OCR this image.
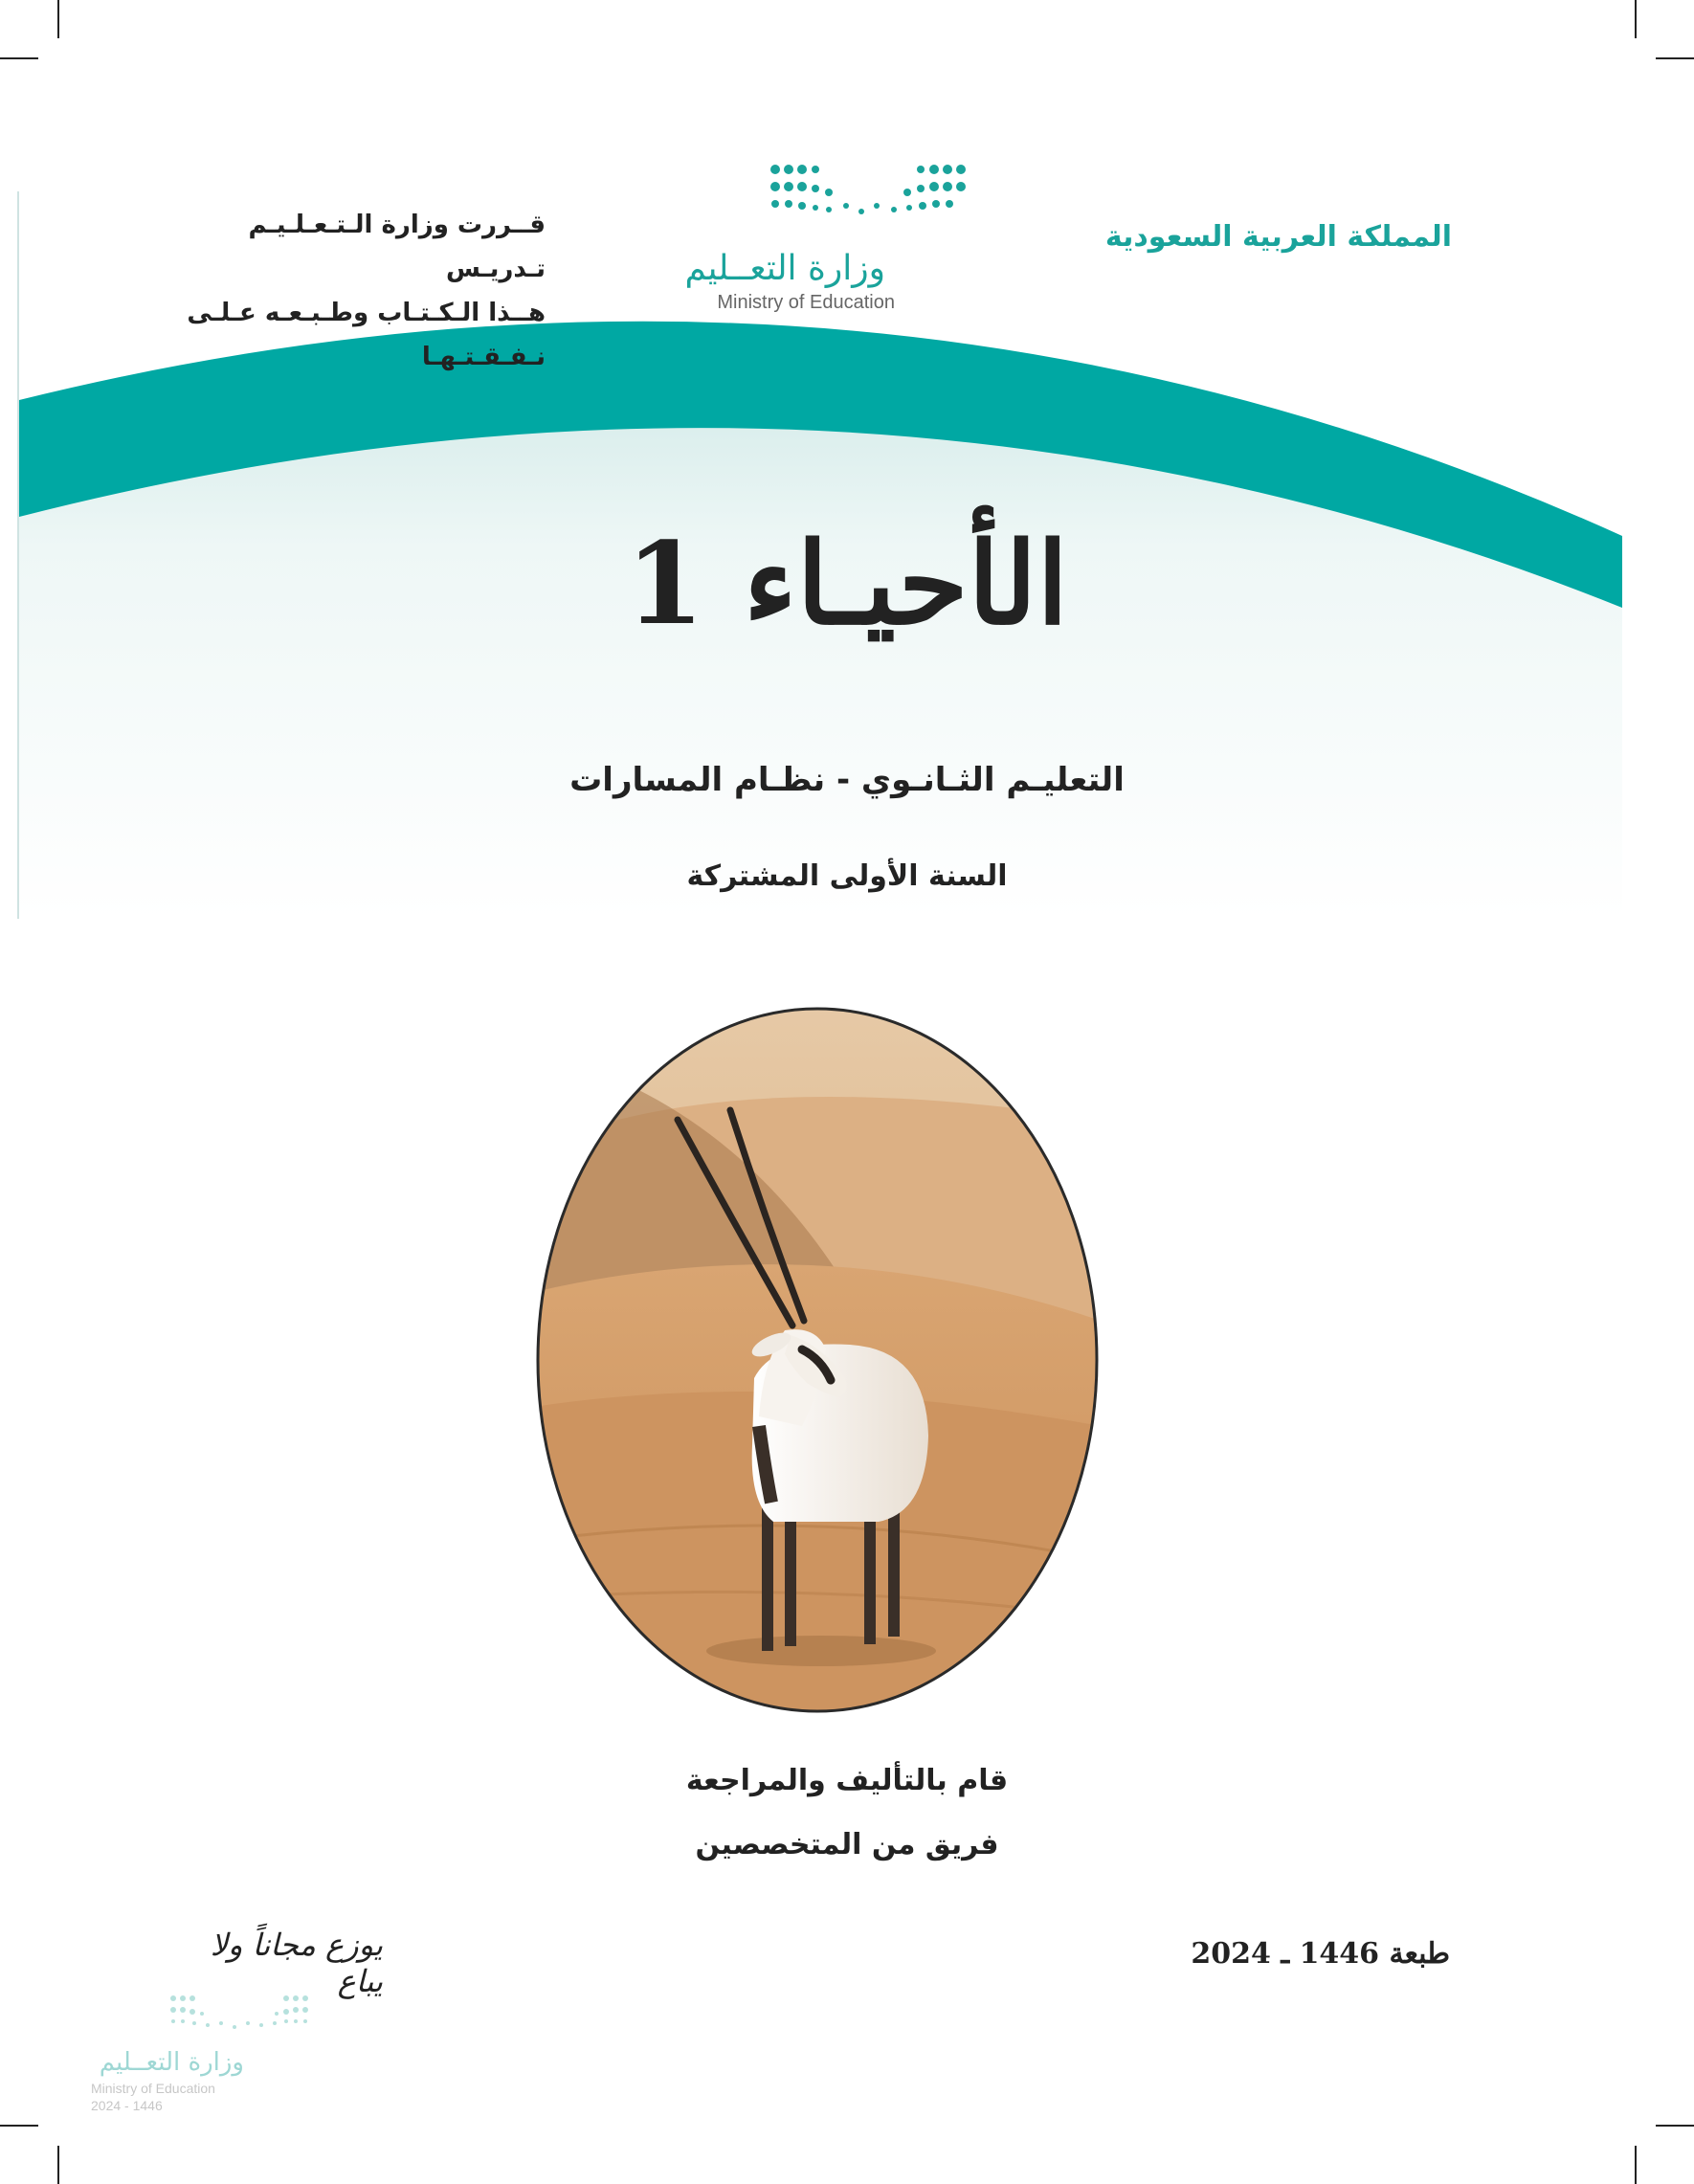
المملكة العربية السعودية
قــررت وزارة الـتـعـلـيـم تـدريـس
هــذا الـكـتـاب وطـبـعـه عـلـى نـفـقـتـهـا
وزارة التعــليم
Ministry of Education
الأحيـاء 1
التعليـم الثـانـوي - نظـام المسارات
السنة الأولى المشتركة
قام بالتأليف والمراجعة
فريق من المتخصصين
طبعة 1446 ـ 2024
يوزع مجاناً ولا يباع
وزارة التعــليم
Ministry of Education
2024 - 1446
